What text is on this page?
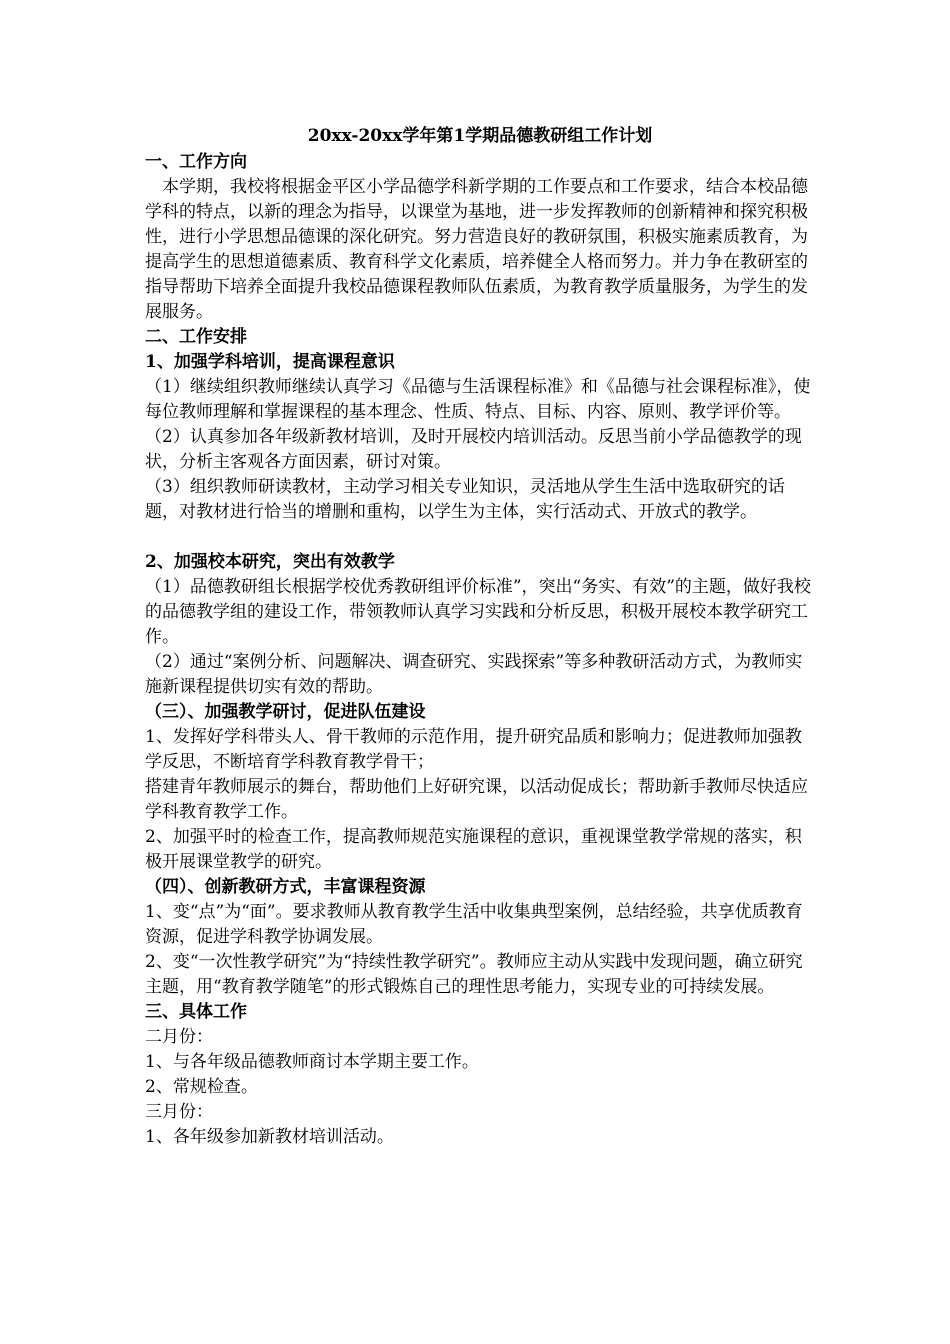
20xx-20xx学年第1学期品德教研组工作计划
一、工作方向
本学期，我校将根据金平区小学品德学科新学期的工作要点和工作要求，结合本校品德学科的特点，以新的理念为指导，以课堂为基地，进一步发挥教师的创新精神和探究积极性，进行小学思想品德课的深化研究。努力营造良好的教研氛围，积极实施素质教育，为提高学生的思想道德素质、教育科学文化素质，培养健全人格而努力。并力争在教研室的指导帮助下培养全面提升我校品德课程教师队伍素质，为教育教学质量服务，为学生的发展服务。
二、工作安排
1、加强学科培训，提高课程意识
（1）继续组织教师继续认真学习《品德与生活课程标准》和《品德与社会课程标准》，使每位教师理解和掌握课程的基本理念、性质、特点、目标、内容、原则、教学评价等。
（2）认真参加各年级新教材培训，及时开展校内培训活动。反思当前小学品德教学的现状，分析主客观各方面因素，研讨对策。
（3）组织教师研读教材，主动学习相关专业知识，灵活地从学生生活中选取研究的话题，对教材进行恰当的增删和重构，以学生为主体，实行活动式、开放式的教学。
2、加强校本研究，突出有效教学
（1）品德教研组长根据学校优秀教研组评价标准”，突出“务实、有效”的主题，做好我校的品德教学组的建设工作，带领教师认真学习实践和分析反思，积极开展校本教学研究工作。
（2）通过“案例分析、问题解决、调查研究、实践探索”等多种教研活动方式，为教师实施新课程提供切实有效的帮助。
（三）、加强教学研讨，促进队伍建设
1、发挥好学科带头人、骨干教师的示范作用，提升研究品质和影响力；促进教师加强教学反思，不断培育学科教育教学骨干；
搭建青年教师展示的舞台，帮助他们上好研究课，以活动促成长；帮助新手教师尽快适应学科教育教学工作。
2、加强平时的检查工作，提高教师规范实施课程的意识，重视课堂教学常规的落实，积极开展课堂教学的研究。
（四）、创新教研方式，丰富课程资源
1、变“点”为“面”。要求教师从教育教学生活中收集典型案例，总结经验，共享优质教育资源，促进学科教学协调发展。
2、变“一次性教学研究”为“持续性教学研究”。教师应主动从实践中发现问题，确立研究主题，用“教育教学随笔”的形式锻炼自己的理性思考能力，实现专业的可持续发展。
三、具体工作
二月份：
1、与各年级品德教师商讨本学期主要工作。
2、常规检查。
三月份：
1、各年级参加新教材培训活动。
